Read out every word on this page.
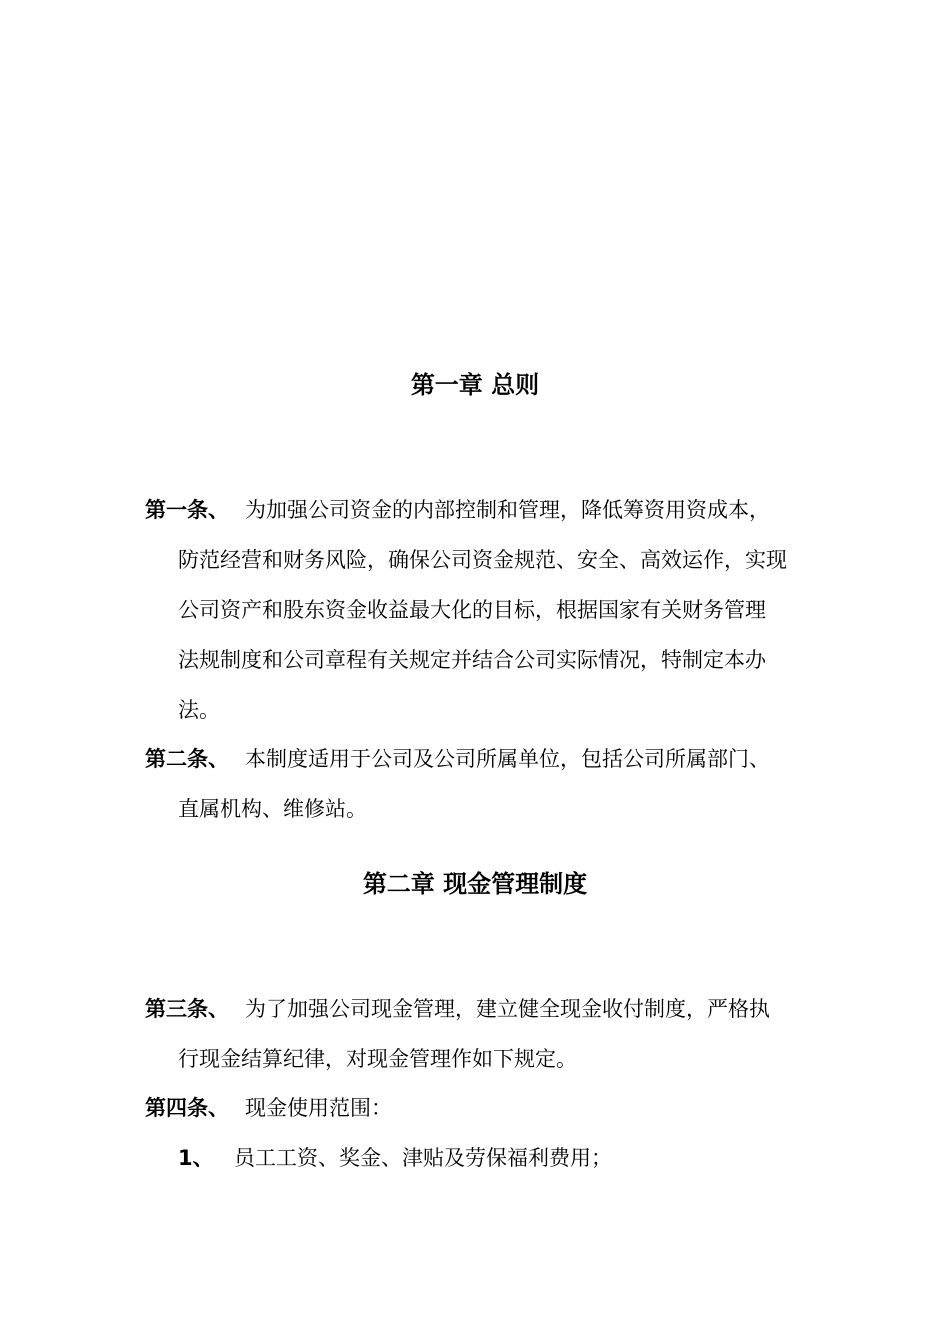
第一章 总则
第一条、 为加强公司资金的内部控制和管理，降低筹资用资成本，
防范经营和财务风险，确保公司资金规范、安全、高效运作，实现
公司资产和股东资金收益最大化的目标，根据国家有关财务管理
法规制度和公司章程有关规定并结合公司实际情况，特制定本办
法。
第二条、 本制度适用于公司及公司所属单位，包括公司所属部门、
直属机构、维修站。
第二章 现金管理制度
第三条、 为了加强公司现金管理，建立健全现金收付制度，严格执
行现金结算纪律，对现金管理作如下规定。
第四条、 现金使用范围：
1、 员工工资、奖金、津贴及劳保福利费用；
